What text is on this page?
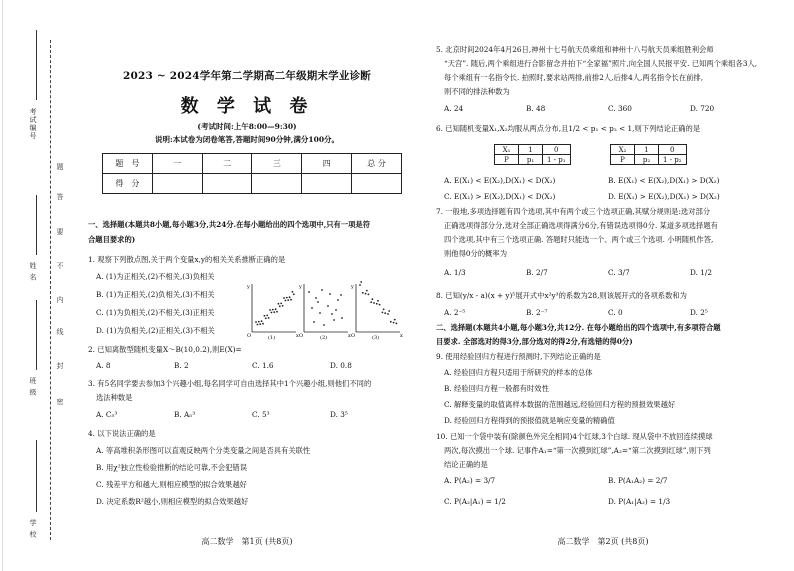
考试编号
姓 名
班 级
学 校
题
答
要
不
内
线
封
密
2023 ~ 2024学年第二学期高二年级期末学业诊断
数 学 试 卷
(考试时间:上午8:00—9:30)
说明:本试卷为闭卷笔答,答题时间90分钟,满分100分。
题　号	一	二	三	四	总 分
得　分					
一、选择题(本题共8小题,每小题3分,共24分.在每小题给出的四个选项中,只有一项是符
合题目要求的)
1. 观察下列散点图,关于两个变量x,y的相关关系推断正确的是
A. (1)为正相关,(2)不相关,(3)负相关
B. (1)为正相关,(2)负相关,(3)不相关
C. (1)为负相关,(2)不相关,(3)正相关
D. (1)为负相关,(2)正相关,(3)不相关
y
x
O	(1)
y
x
O	(2)
y
x
O	(3)
2. 已知离散型随机变量X～B(10,0.2),则E(X)=
A. 8	B. 2	C. 1.6	D. 0.8
3. 有5名同学要去参加3个兴趣小组,每名同学可自由选择其中1个兴趣小组,则他们不同的
选法种数是
A. C₅³	B. A₅³	C. 5³	D. 3⁵
4. 以下说法正确的是
A. 等高堆积条形图可以直观反映两个分类变量之间是否具有关联性
B. 用χ²独立性检验推断的结论可靠,不会犯错误
C. 残差平方和越大,则相应模型的拟合效果越好
D. 决定系数R²越小,则相应模型的拟合效果越好
高二数学　第1页 (共8页)
5. 北京时间2024年4月26日,神州十七号航天员乘组和神州十八号航天员乘组胜利会师
“天宫”. 随后,两个乘组进行合影留念并拍下“全家福”照片,向全国人民报平安. 已知两个乘组各3人,
每个乘组有一名指令长. 拍照时,要求站两排,前排2人,后排4人,两名指令长在前排,
则不同的排法种数为
A. 24	B. 48	C. 360	D. 720
6. 已知随机变量X₁,X₂均服从两点分布,且1/2 < p₁ < p₂ < 1,则下列结论正确的是
X₁	1	0
P	p₁	1 - p₁
X₂	1	0
P	p₂	1 - p₂
A. E(X₁) < E(X₂),D(X₁) < D(X₂)	B. E(X₁) < E(X₂),D(X₁) > D(X₂)
C. E(X₁) > E(X₂),D(X₁) < D(X₂)	D. E(X₁) > E(X₂),D(X₁) > D(X₂)
7. 一般地,多项选择题有四个选项,其中有两个或三个选项正确,其赋分规则是:选对部分
正确选项得部分分,选对全部正确选项得满分6分,有错误选项得0分. 某道多项选择题有
四个选项,其中有三个选项正确. 答题时只能选一个、两个或三个选项. 小明随机作答,
则他得0分的概率为
A. 1/3	B. 2/7	C. 3/7	D. 1/2
8. 已知(y/x - a)(x + y)⁵展开式中x²y³的系数为28,则该展开式的各项系数和为
A. 2⁻⁵	B. 2⁻⁷	C. 0	D. 2⁵
二、选择题(本题共4小题,每小题3分,共12分. 在每小题给出的四个选项中,有多项符合题
目要求. 全部选对的得3分,部分选对的得2分,有选错的得0分)
9. 使用经验回归方程进行预测时,下列结论正确的是
A. 经验回归方程只适用于所研究的样本的总体
B. 经验回归方程一般都有时效性
C. 解释变量的取值离样本数据的范围越远,经验回归方程的预报效果越好
D. 经验回归方程得到的预报值就是响应变量的精确值
10. 已知一个袋中装有(除颜色外完全相同)4个红球,3个白球. 现从袋中不放回连续摸球
两次,每次摸出一个球. 记事件A₁=“第一次摸到红球”,A₂=“第二次摸到红球”,则下列
结论正确的是
A. P(A₂) = 3/7	B. P(A₁A₂) = 2/7
C. P(A₂|A₁) = 1/2	D. P(A₁|A₂) = 1/3
高二数学　第2页 (共8页)
